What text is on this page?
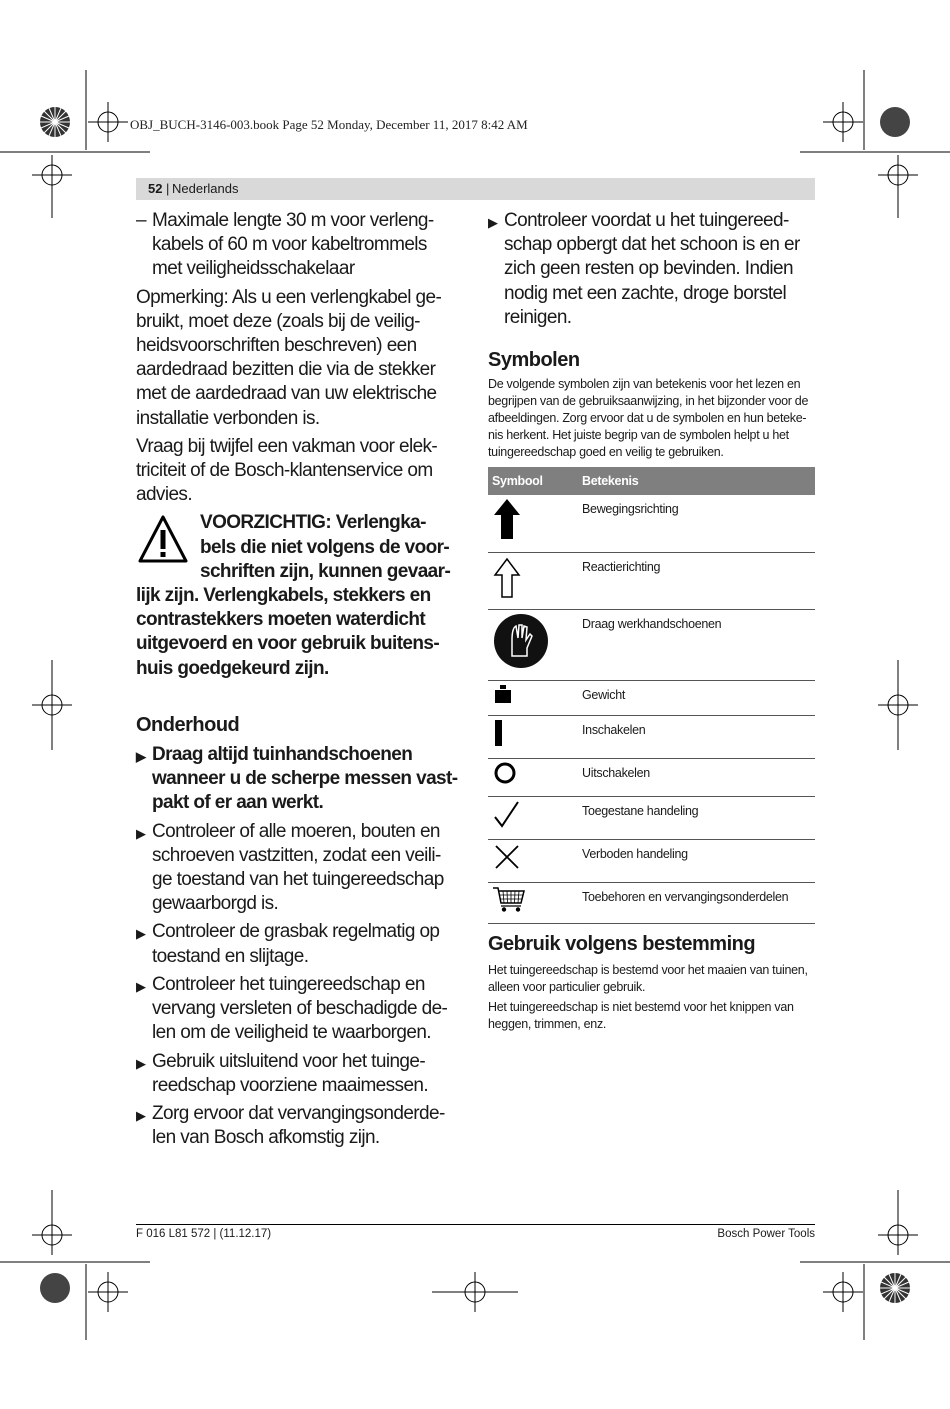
OBJ_BUCH-3146-003.book Page 52 Monday, December 11, 2017 8:42 AM
52 | Nederlands
– Maximale lengte 30 m voor verleng-
kabels of 60 m voor kabeltrommels
met veiligheidsschakelaar
Opmerking: Als u een verlengkabel ge-
bruikt, moet deze (zoals bij de veilig-
heidsvoorschriften beschreven) een
aardedraad bezitten die via de stekker
met de aardedraad van uw elektrische
installatie verbonden is.
Vraag bij twijfel een vakman voor elek-
triciteit of de Bosch-klantenservice om
advies.
VOORZICHTIG: Verlengka-
bels die niet volgens de voor-
schriften zijn, kunnen gevaar-
lijk zijn. Verlengkabels, stekkers en
contrastekkers moeten waterdicht
uitgevoerd en voor gebruik buitens-
huis goedgekeurd zijn.
Onderhoud
▶ Draag altijd tuinhandschoenen
wanneer u de scherpe messen vast-
pakt of er aan werkt.
▶ Controleer of alle moeren, bouten en
schroeven vastzitten, zodat een veili-
ge toestand van het tuingereedschap
gewaarborgd is.
▶ Controleer de grasbak regelmatig op
toestand en slijtage.
▶ Controleer het tuingereedschap en
vervang versleten of beschadigde de-
len om de veiligheid te waarborgen.
▶ Gebruik uitsluitend voor het tuinge-
reedschap voorziene maaimessen.
▶ Zorg ervoor dat vervangingsonderde-
len van Bosch afkomstig zijn.
▶ Controleer voordat u het tuingereed-
schap opbergt dat het schoon is en er
zich geen resten op bevinden. Indien
nodig met een zachte, droge borstel
reinigen.
Symbolen
De volgende symbolen zijn van betekenis voor het lezen en
begrijpen van de gebruiksaanwijzing, in het bijzonder voor de
afbeeldingen. Zorg ervoor dat u de symbolen en hun beteke-
nis herkent. Het juiste begrip van de symbolen helpt u het
tuingereedschap goed en veilig te gebruiken.
Symbool	Betekenis
	Bewegingsrichting
	Reactierichting
	Draag werkhandschoenen
	Gewicht
	Inschakelen
	Uitschakelen
	Toegestane handeling
	Verboden handeling
	Toebehoren en vervangingsonderdelen
Gebruik volgens bestemming
Het tuingereedschap is bestemd voor het maaien van tuinen,
alleen voor particulier gebruik.
Het tuingereedschap is niet bestemd voor het knippen van
heggen, trimmen, enz.
F 016 L81 572 | (11.12.17)	Bosch Power Tools
